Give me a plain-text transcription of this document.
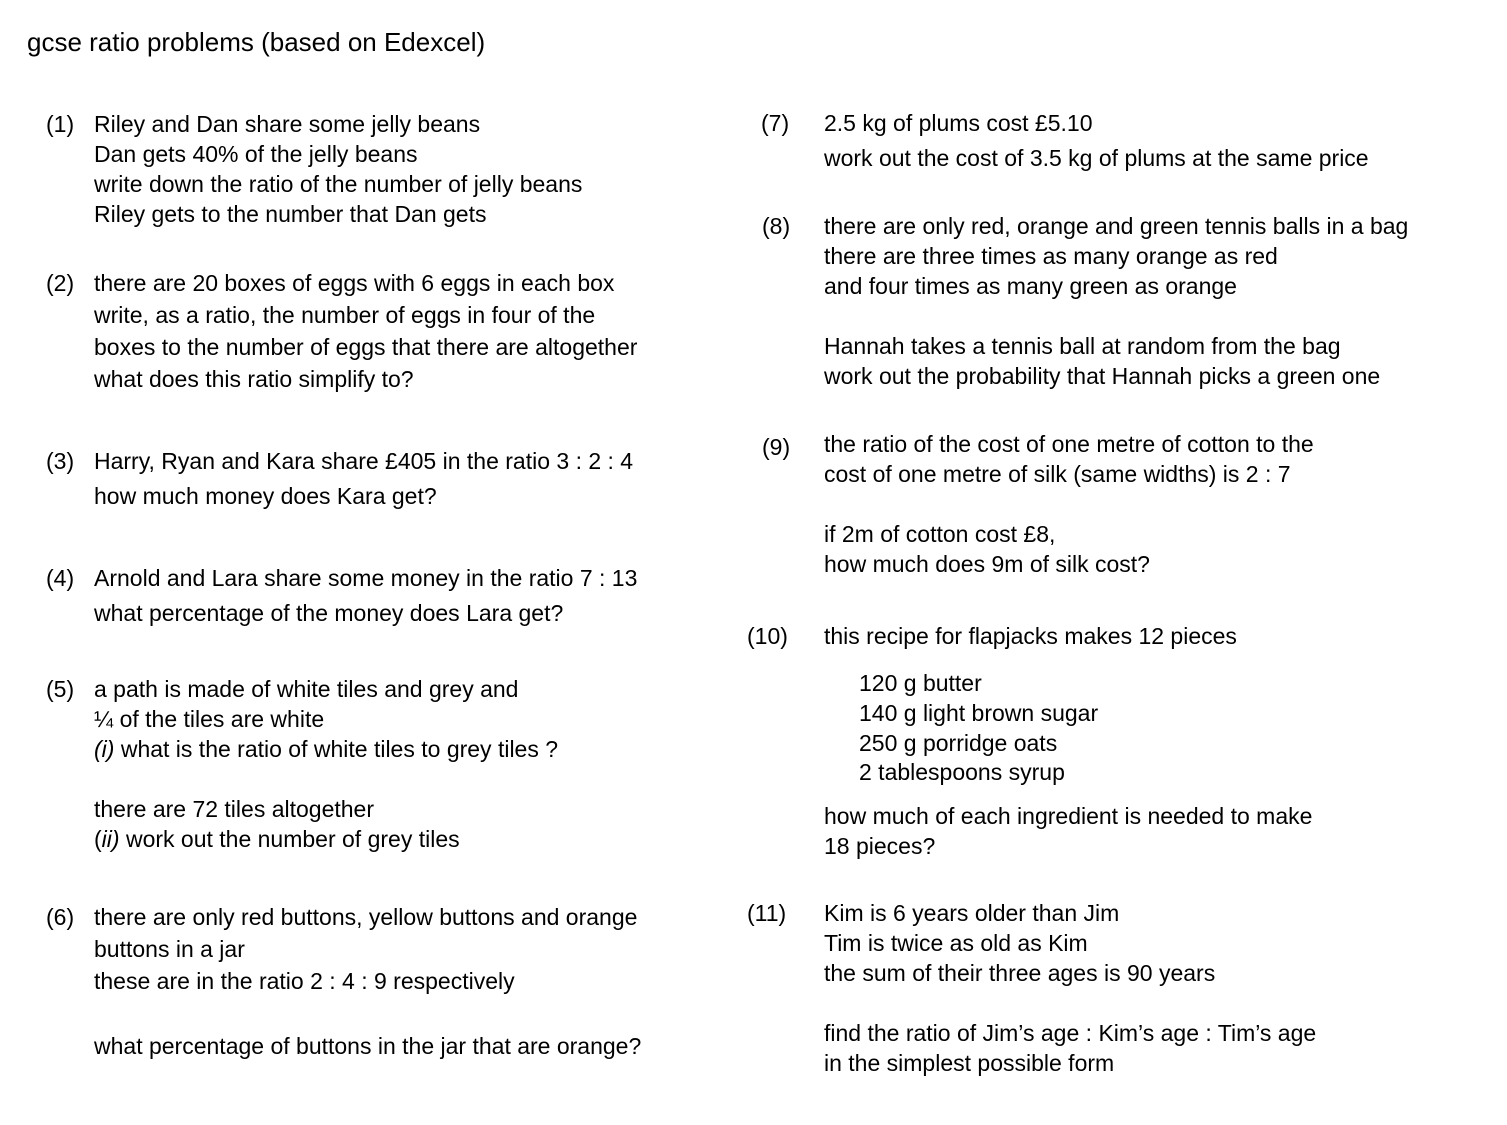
gcse ratio problems (based on Edexcel)
(1) Riley and Dan share some jelly beans
Dan gets 40% of the jelly beans
write down the ratio of the number of jelly beans
Riley gets to the number that Dan gets
(2) there are 20 boxes of eggs with 6 eggs in each box
write, as a ratio, the number of eggs in four of the
boxes to the number of eggs that there are altogether
what does this ratio simplify to?
(3) Harry, Ryan and Kara share £405 in the ratio 3 : 2 : 4
how much money does Kara get?
(4) Arnold and Lara share some money in the ratio 7 : 13
what percentage of the money does Lara get?
(5) a path is made of white tiles and grey and
¼ of the tiles are white
(i) what is the ratio of white tiles to grey tiles ?
there are 72 tiles altogether
(ii) work out the number of grey tiles
(6) there are only red buttons, yellow buttons and orange
buttons in a jar
these are in the ratio 2 : 4 : 9 respectively
what percentage of buttons in the jar that are orange?
(7) 2.5 kg of plums cost £5.10
work out the cost of 3.5 kg of plums at the same price
(8) there are only red, orange and green tennis balls in a bag
there are three times as many orange as red
and four times as many green as orange
Hannah takes a tennis ball at random from the bag
work out the probability that Hannah picks a green one
(9) the ratio of the cost of one metre of cotton to the
cost of one metre of silk (same widths) is 2 : 7
if 2m of cotton cost £8,
how much does 9m of silk cost?
(10) this recipe for flapjacks makes 12 pieces
120 g butter
140 g light brown sugar
250 g porridge oats
2 tablespoons syrup
how much of each ingredient is needed to make
18 pieces?
(11) Kim is 6 years older than Jim
Tim is twice as old as Kim
the sum of their three ages is 90 years
find the ratio of Jim’s age : Kim’s age : Tim’s age
in the simplest possible form
